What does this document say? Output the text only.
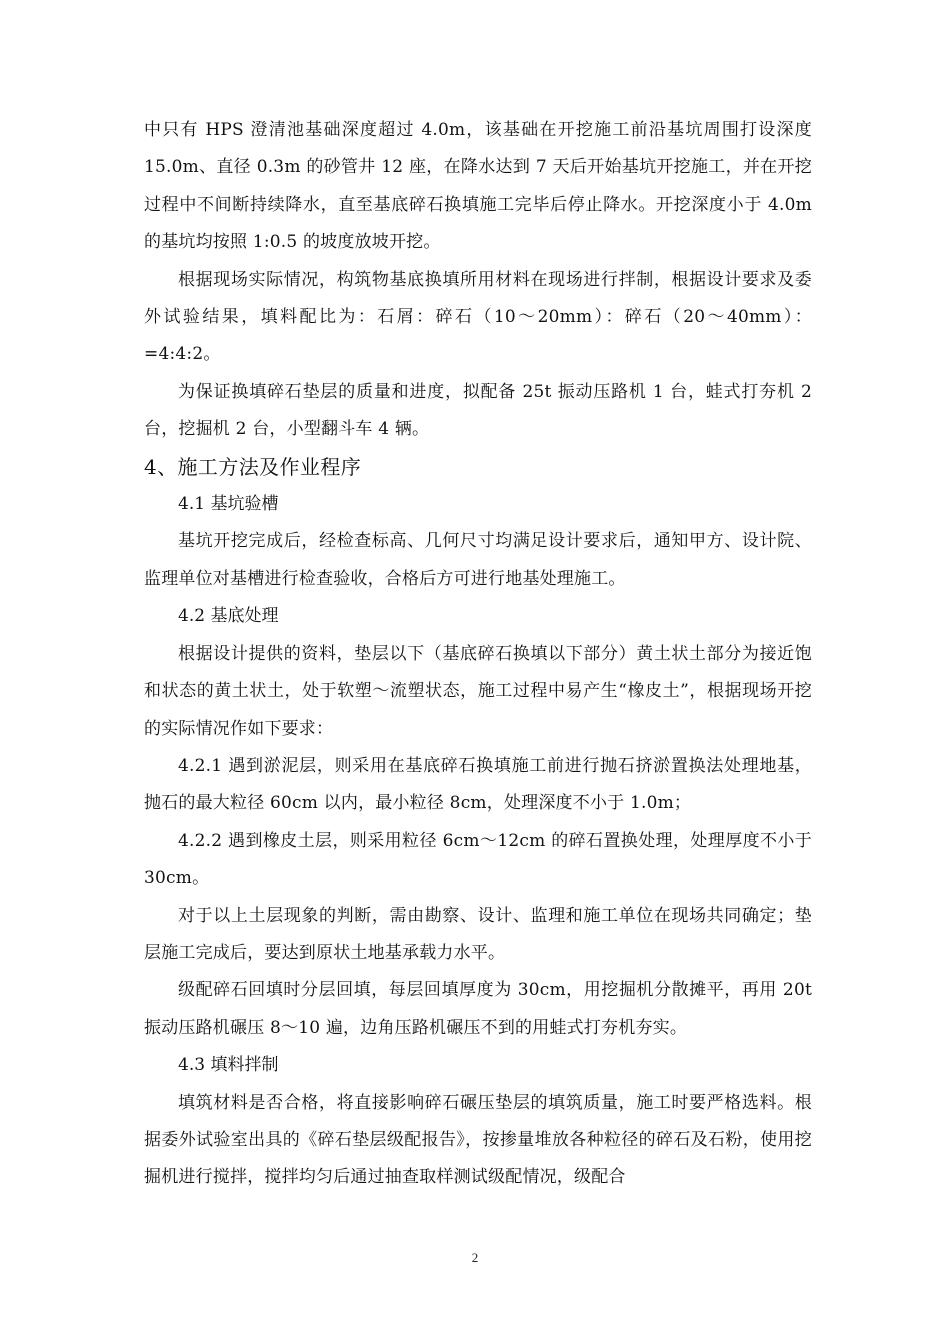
中只有 HPS 澄清池基础深度超过 4.0m，该基础在开挖施工前沿基坑周围打设深度 15.0m、直径 0.3m 的砂管井 12 座，在降水达到 7 天后开始基坑开挖施工，并在开挖过程中不间断持续降水，直至基底碎石换填施工完毕后停止降水。开挖深度小于 4.0m 的基坑均按照 1:0.5 的坡度放坡开挖。

根据现场实际情况，构筑物基底换填所用材料在现场进行拌制，根据设计要求及委外试验结果，填料配比为：石屑：碎石（10～20mm）：碎石（20～40mm）：=4:4:2。

为保证换填碎石垫层的质量和进度，拟配备 25t 振动压路机 1 台，蛙式打夯机 2 台，挖掘机 2 台，小型翻斗车 4 辆。

4、施工方法及作业程序

4.1 基坑验槽

基坑开挖完成后，经检查标高、几何尺寸均满足设计要求后，通知甲方、设计院、监理单位对基槽进行检查验收，合格后方可进行地基处理施工。

4.2 基底处理

根据设计提供的资料，垫层以下（基底碎石换填以下部分）黄土状土部分为接近饱和状态的黄土状土，处于软塑～流塑状态，施工过程中易产生“橡皮土”，根据现场开挖的实际情况作如下要求：

4.2.1 遇到淤泥层，则采用在基底碎石换填施工前进行抛石挤淤置换法处理地基，抛石的最大粒径 60cm 以内，最小粒径 8cm，处理深度不小于 1.0m；

4.2.2 遇到橡皮土层，则采用粒径 6cm～12cm 的碎石置换处理，处理厚度不小于 30cm。

对于以上土层现象的判断，需由勘察、设计、监理和施工单位在现场共同确定；垫层施工完成后，要达到原状土地基承载力水平。

级配碎石回填时分层回填，每层回填厚度为 30cm，用挖掘机分散摊平，再用 20t 振动压路机碾压 8～10 遍，边角压路机碾压不到的用蛙式打夯机夯实。

4.3 填料拌制

填筑材料是否合格，将直接影响碎石碾压垫层的填筑质量，施工时要严格选料。根据委外试验室出具的《碎石垫层级配报告》，按掺量堆放各种粒径的碎石及石粉，使用挖掘机进行搅拌，搅拌均匀后通过抽查取样测试级配情况，级配合

2
